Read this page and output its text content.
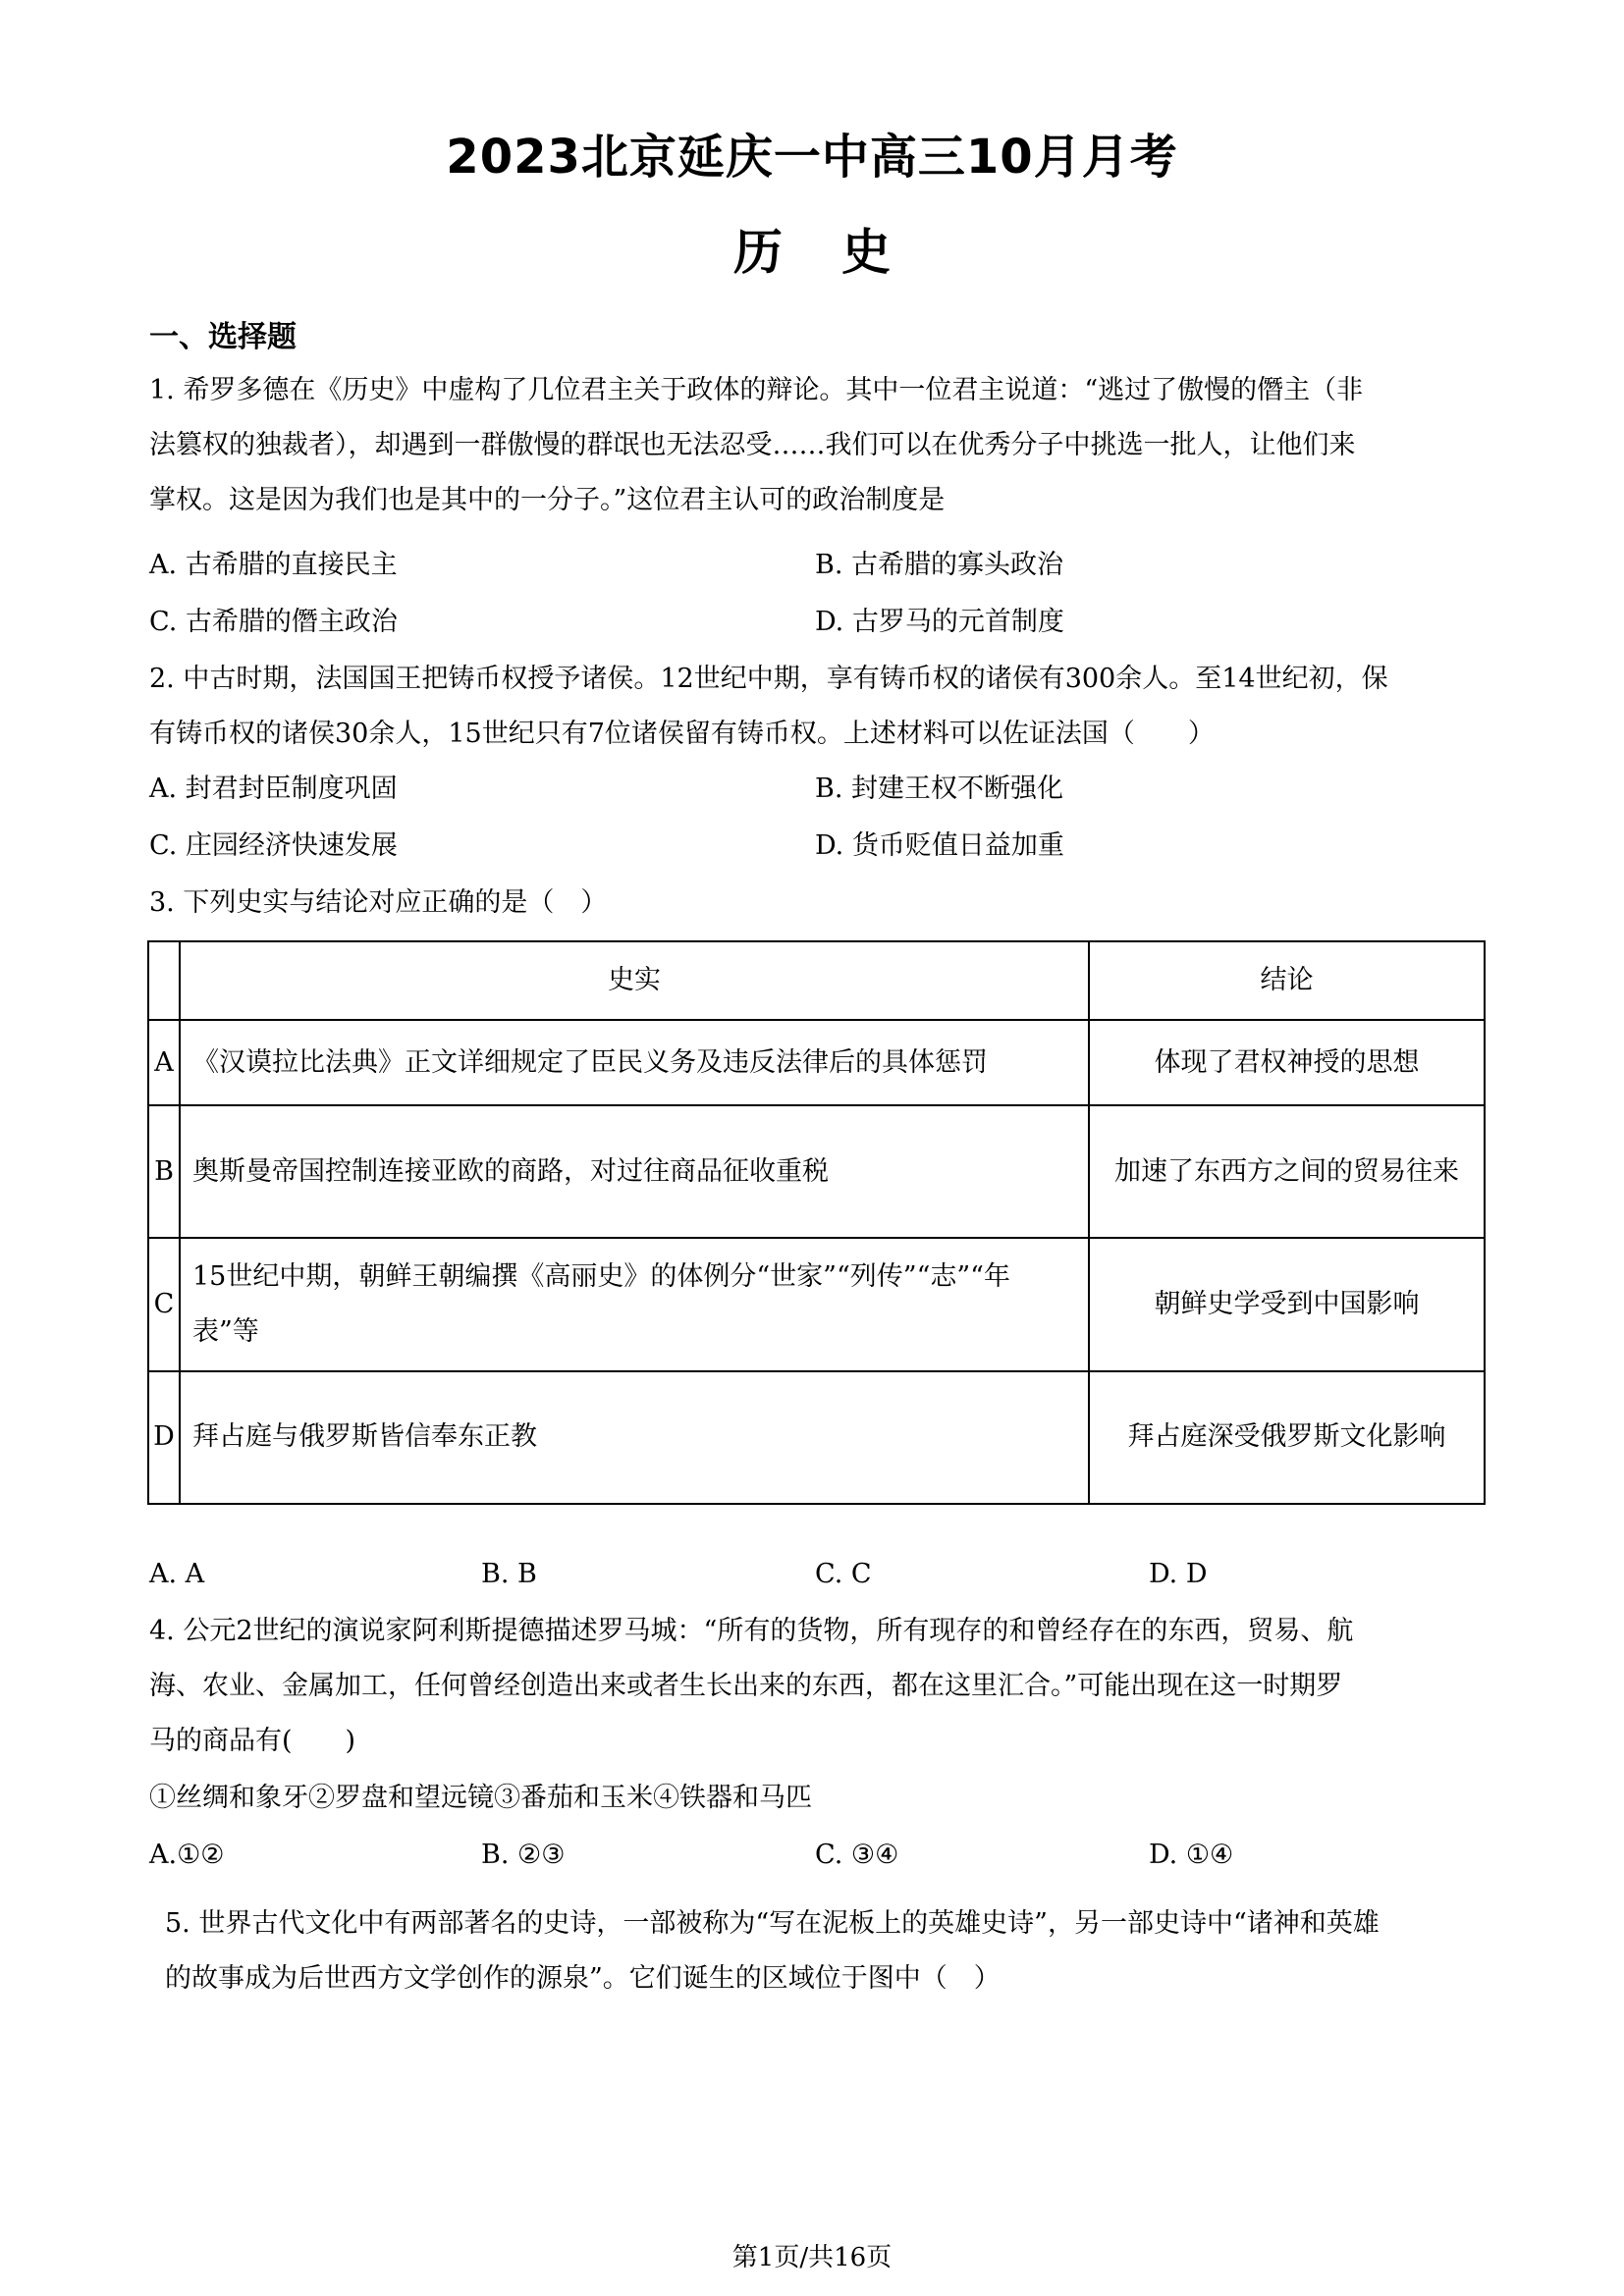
2023北京延庆一中高三10月月考
历史
一、选择题
1. 希罗多德在《历史》中虚构了几位君主关于政体的辩论。其中一位君主说道：“逃过了傲慢的僭主（非
法篡权的独裁者），却遇到一群傲慢的群氓也无法忍受……我们可以在优秀分子中挑选一批人，让他们来
掌权。这是因为我们也是其中的一分子。”这位君主认可的政治制度是
A. 古希腊的直接民主	B. 古希腊的寡头政治
C. 古希腊的僭主政治	D. 古罗马的元首制度
2. 中古时期，法国国王把铸币权授予诸侯。12世纪中期，享有铸币权的诸侯有300余人。至14世纪初，保
有铸币权的诸侯30余人，15世纪只有7位诸侯留有铸币权。上述材料可以佐证法国（　　）
A. 封君封臣制度巩固	B. 封建王权不断强化
C. 庄园经济快速发展	D. 货币贬值日益加重
3. 下列史实与结论对应正确的是（　）
	史实	结论
A	《汉谟拉比法典》正文详细规定了臣民义务及违反法律后的具体惩罚	体现了君权神授的思想
B	奥斯曼帝国控制连接亚欧的商路，对过往商品征收重税	加速了东西方之间的贸易往来
C	15世纪中期，朝鲜王朝编撰《高丽史》的体例分“世家”“列传”“志”“年表”等	朝鲜史学受到中国影响
D	拜占庭与俄罗斯皆信奉东正教	拜占庭深受俄罗斯文化影响
A. A	B. B	C. C	D. D
4. 公元2世纪的演说家阿利斯提德描述罗马城：“所有的货物，所有现存的和曾经存在的东西，贸易、航
海、农业、金属加工，任何曾经创造出来或者生长出来的东西，都在这里汇合。”可能出现在这一时期罗
马的商品有(　　)
①丝绸和象牙②罗盘和望远镜③番茄和玉米④铁器和马匹
A.①②	B. ②③	C. ③④	D. ①④
5. 世界古代文化中有两部著名的史诗，一部被称为“写在泥板上的英雄史诗”，另一部史诗中“诸神和英雄
的故事成为后世西方文学创作的源泉”。它们诞生的区域位于图中（　）
第1页/共16页
